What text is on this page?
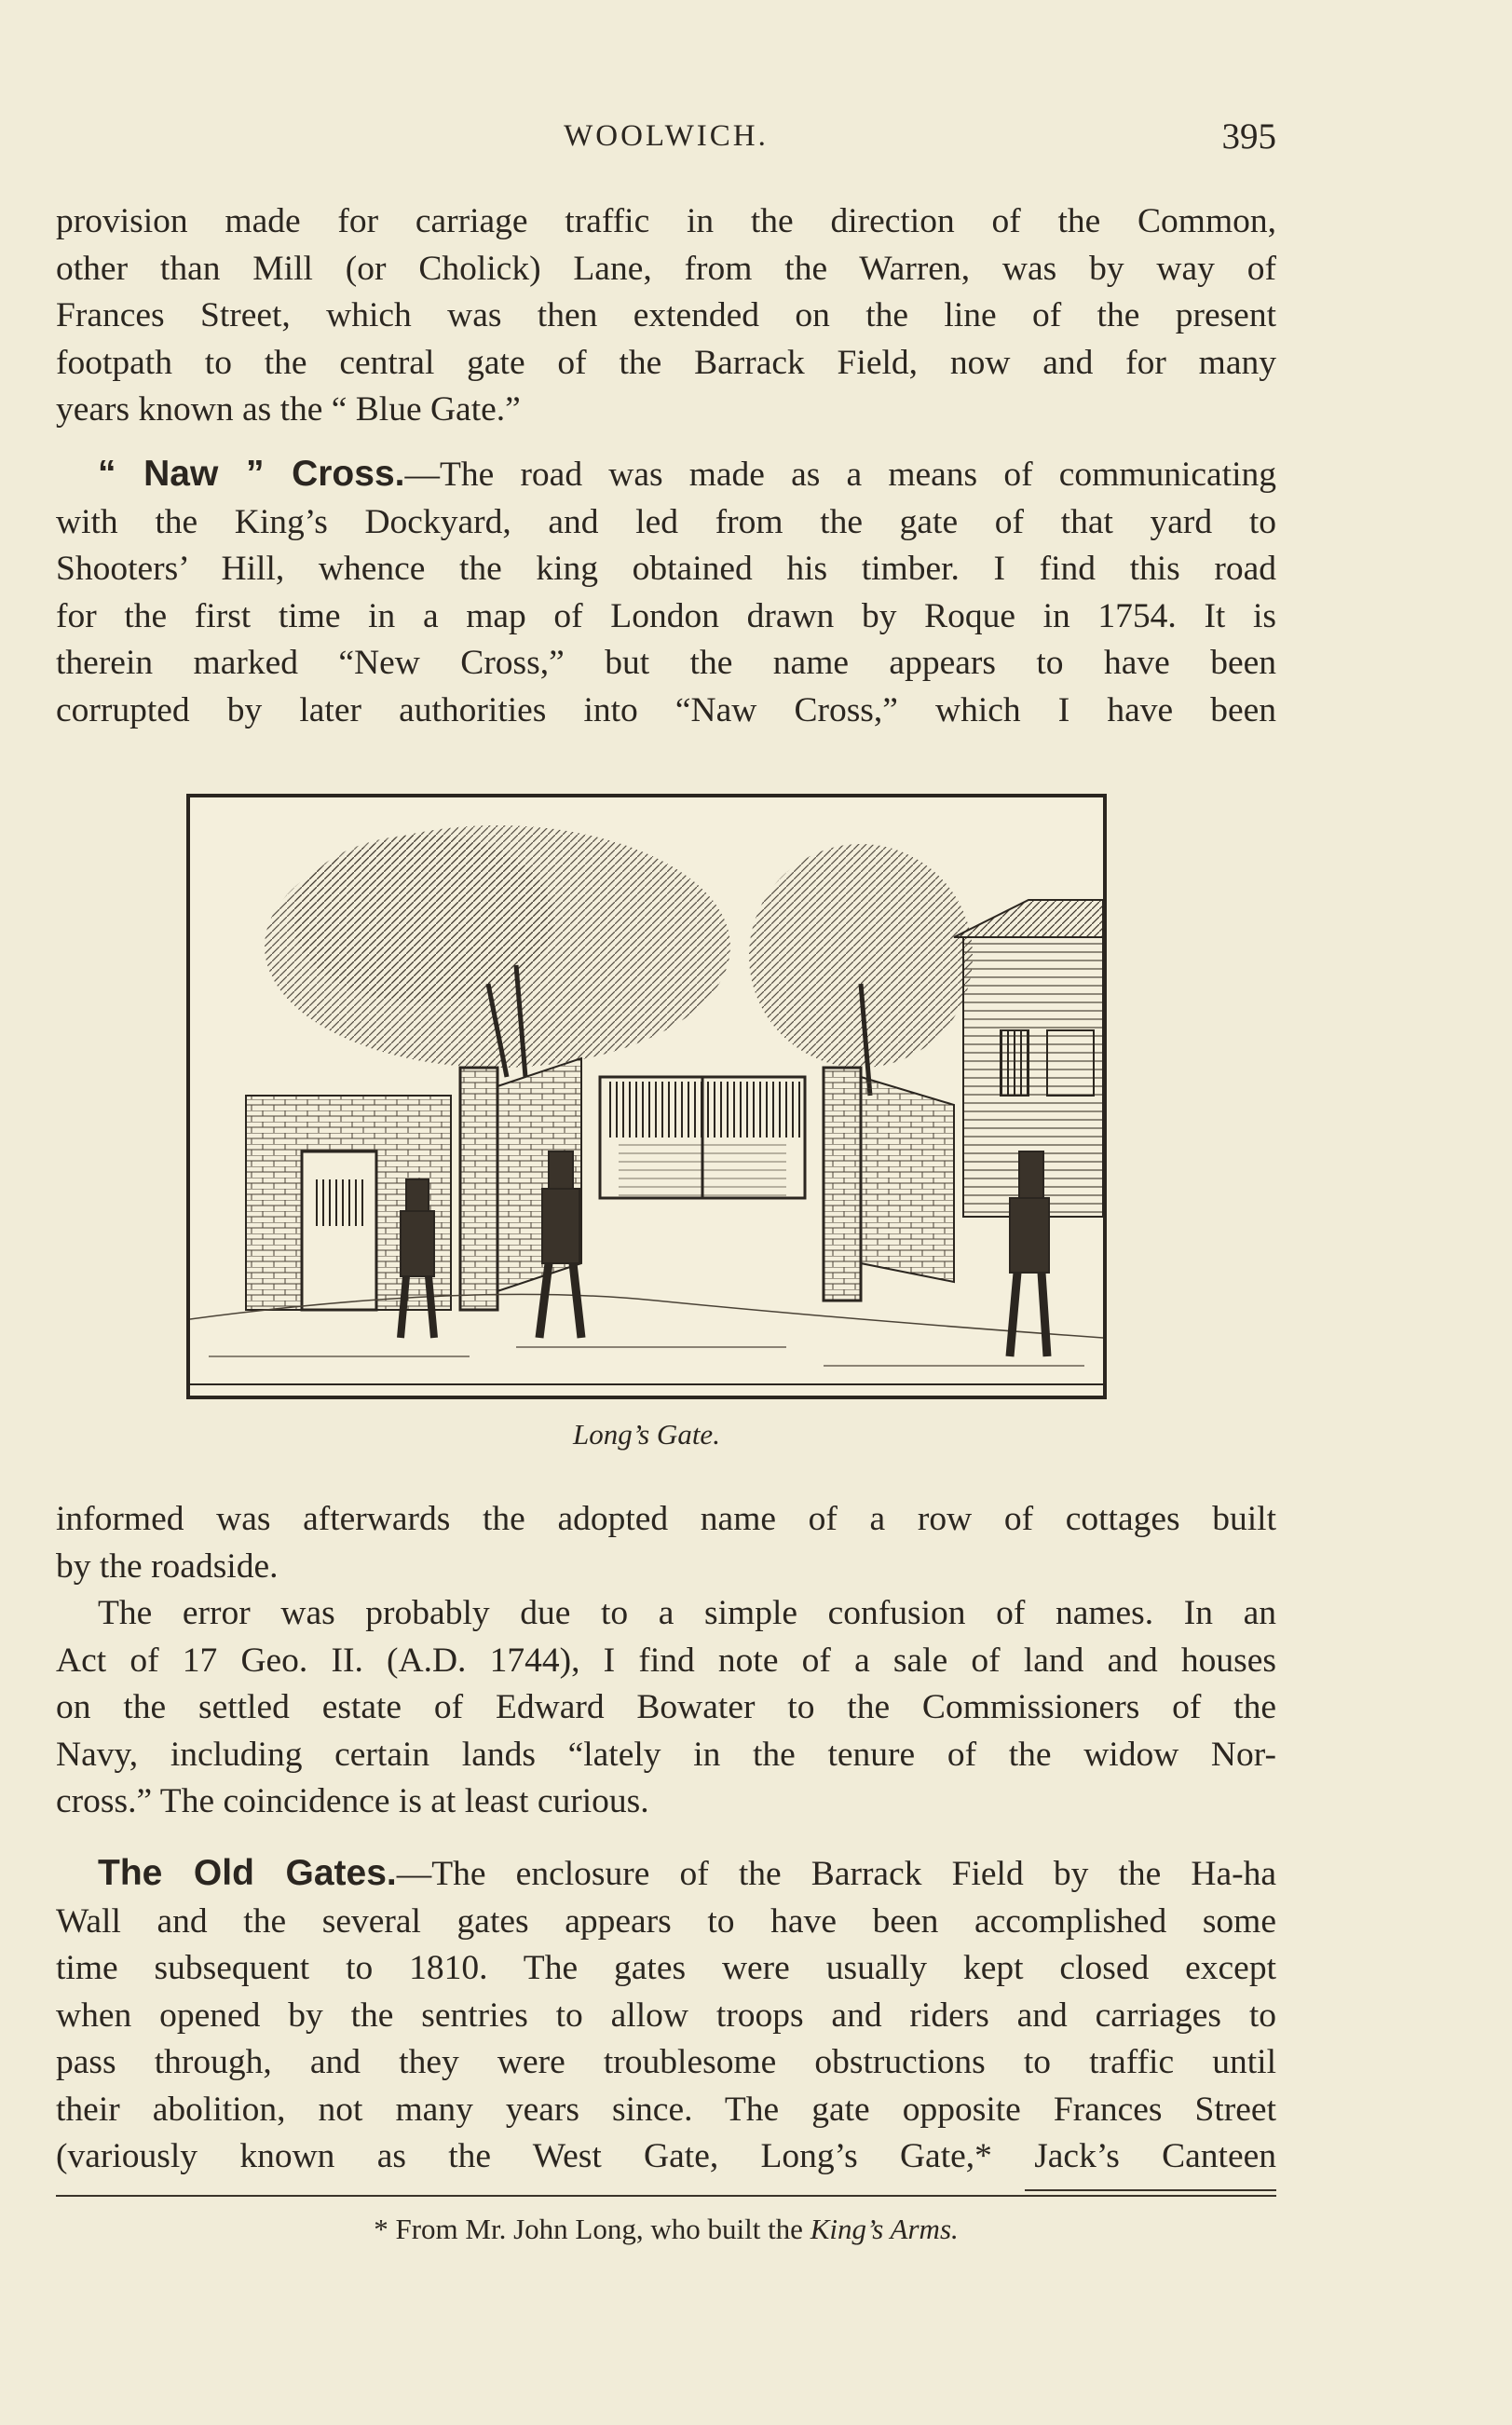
WOOLWICH.	395
provision made for carriage traffic in the direction of the Common,
other than Mill (or Cholick) Lane, from the Warren, was by way of
Frances Street, which was then extended on the line of the present
footpath to the central gate of the Barrack Field, now and for many
years known as the “ Blue Gate.”
“ Naw ” Cross.—The road was made as a means of communicating
with the King’s Dockyard, and led from the gate of that yard to
Shooters’ Hill, whence the king obtained his timber. I find this road
for the first time in a map of London drawn by Roque in 1754. It is
therein marked “New Cross,” but the name appears to have been
corrupted by later authorities into “Naw Cross,” which I have been
Long’s Gate.
informed was afterwards the adopted name of a row of cottages built
by the roadside.
The error was probably due to a simple confusion of names. In an
Act of 17 Geo. II. (A.D. 1744), I find note of a sale of land and houses
on the settled estate of Edward Bowater to the Commissioners of the
Navy, including certain lands “lately in the tenure of the widow Nor-
cross.” The coincidence is at least curious.
The Old Gates.—The enclosure of the Barrack Field by the Ha-ha
Wall and the several gates appears to have been accomplished some
time subsequent to 1810. The gates were usually kept closed except
when opened by the sentries to allow troops and riders and carriages to
pass through, and they were troublesome obstructions to traffic until
their abolition, not many years since. The gate opposite Frances Street
(variously known as the West Gate, Long’s Gate,* Jack’s Canteen
* From Mr. John Long, who built the King’s Arms.
